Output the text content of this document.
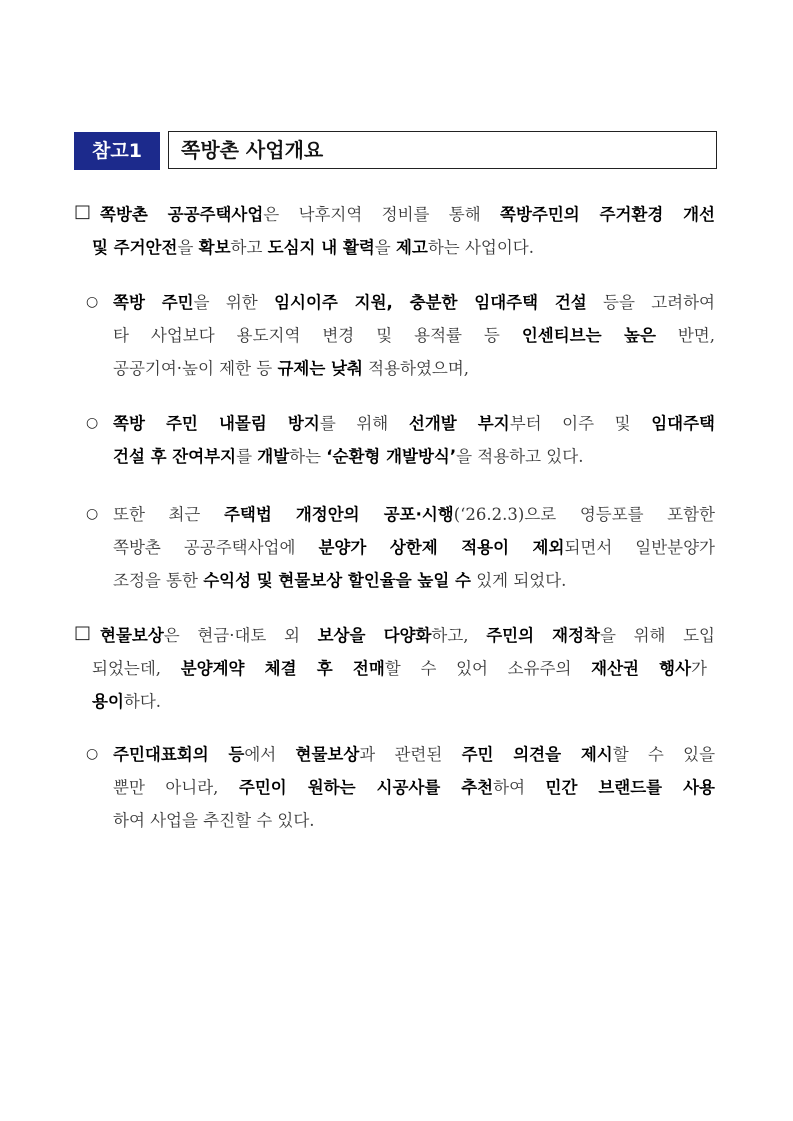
참고1	쪽방촌 사업개요
□ 쪽방촌 공공주택사업은 낙후지역 정비를 통해 쪽방주민의 주거환경 개선
및 주거안전을 확보하고 도심지 내 활력을 제고하는 사업이다.
○ 쪽방 주민을 위한 임시이주 지원, 충분한 임대주택 건설 등을 고려하여
타 사업보다 용도지역 변경 및 용적률 등 인센티브는 높은 반면,
공공기여·높이 제한 등 규제는 낮춰 적용하였으며,
○ 쪽방 주민 내몰림 방지를 위해 선개발 부지부터 이주 및 임대주택
건설 후 잔여부지를 개발하는 ‘순환형 개발방식’을 적용하고 있다.
○ 또한 최근 주택법 개정안의 공포·시행(‘26.2.3)으로 영등포를 포함한
쪽방촌 공공주택사업에 분양가 상한제 적용이 제외되면서 일반분양가
조정을 통한 수익성 및 현물보상 할인율을 높일 수 있게 되었다.
□ 현물보상은 현금·대토 외 보상을 다양화하고, 주민의 재정착을 위해 도입
되었는데, 분양계약 체결 후 전매할 수 있어 소유주의 재산권 행사가
용이하다.
○ 주민대표회의 등에서 현물보상과 관련된 주민 의견을 제시할 수 있을
뿐만 아니라, 주민이 원하는 시공사를 추천하여 민간 브랜드를 사용
하여 사업을 추진할 수 있다.
